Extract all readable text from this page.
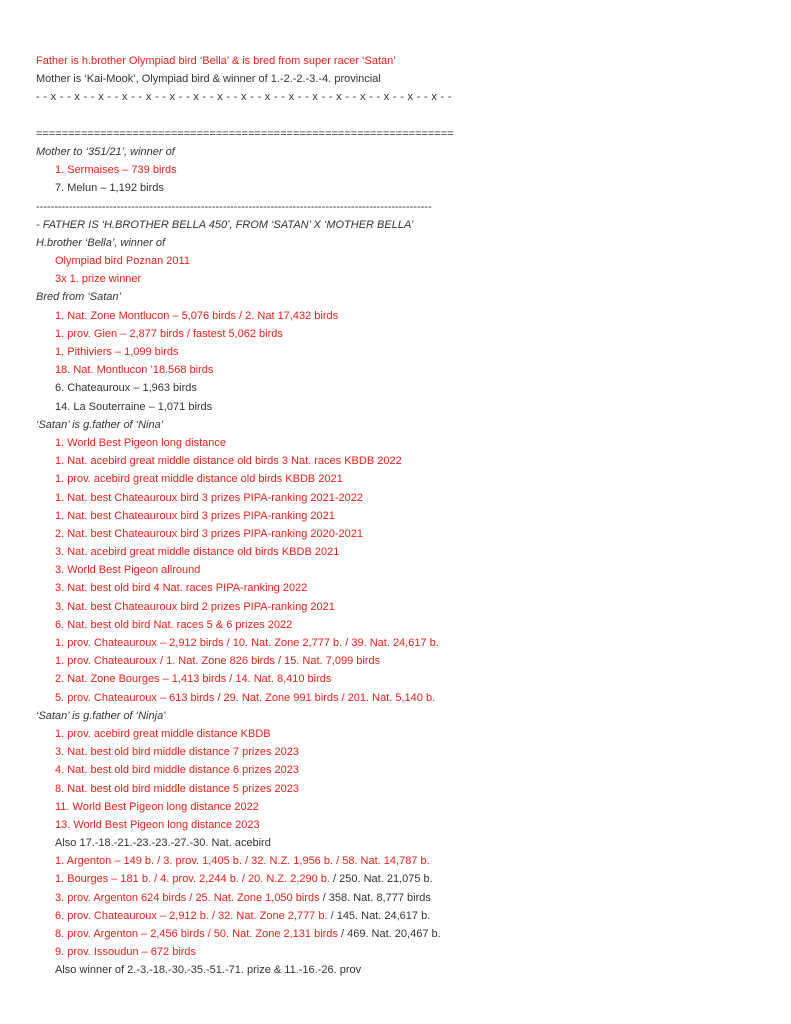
Father is h.brother Olympiad bird ‘Bella’ & is bred from super racer ‘Satan’
Mother is ‘Kai-Mook’, Olympiad bird & winner of 1.-2.-2.-3.-4. provincial
- - x - - x - - x - - x - - x - - x - - x - - x - - x - - x - - x - - x - - x - - x - - x - - x - - x - -
=================================================================
Mother to ‘351/21’, winner of
1. Sermaises – 739 birds
7. Melun – 1,192 birds
------------------------------------------------------------------------------------------------------------
- FATHER IS ‘H.BROTHER BELLA 450’, FROM ‘SATAN’ X ‘MOTHER BELLA’
H.brother ‘Bella’, winner of
Olympiad bird Poznan 2011
3x 1. prize winner
Bred from ‘Satan’
1. Nat. Zone Montlucon – 5,076 birds / 2. Nat 17,432 birds
1. prov. Gien – 2,877 birds / fastest 5,062 birds
1. Pithiviers – 1,099 birds
18. Nat. Montlucon ’18.568 birds
6. Chateauroux – 1,963 birds
14. La Souterraine – 1,071 birds
‘Satan’ is g.father of ‘Nina’
1. World Best Pigeon long distance
1. Nat. acebird great middle distance old birds 3 Nat. races KBDB 2022
1. prov. acebird great middle distance old birds KBDB 2021
1. Nat. best Chateauroux bird 3 prizes PIPA-ranking 2021-2022
1. Nat. best Chateauroux bird 3 prizes PIPA-ranking 2021
2. Nat. best Chateauroux bird 3 prizes PIPA-ranking 2020-2021
3. Nat. acebird great middle distance old birds KBDB 2021
3. World Best Pigeon allround
3. Nat. best old bird 4 Nat. races PIPA-ranking 2022
3. Nat. best Chateauroux bird 2 prizes PIPA-ranking 2021
6. Nat. best old bird Nat. races 5 & 6 prizes 2022
1. prov. Chateauroux – 2,912 birds / 10. Nat. Zone 2,777 b. / 39. Nat. 24,617 b.
1. prov. Chateauroux / 1. Nat. Zone 826 birds / 15. Nat. 7,099 birds
2. Nat. Zone Bourges – 1,413 birds / 14. Nat. 8,410 birds
5. prov. Chateauroux – 613 birds / 29. Nat. Zone 991 birds / 201. Nat. 5,140 b.
‘Satan’ is g.father of ‘Ninja’
1. prov. acebird great middle distance KBDB
3. Nat. best old bird middle distance 7 prizes 2023
4. Nat. best old bird middle distance 6 prizes 2023
8. Nat. best old bird middle distance 5 prizes 2023
11. World Best Pigeon long distance 2022
13. World Best Pigeon long distance 2023
Also 17.-18.-21.-23.-23.-27.-30. Nat. acebird
1. Argenton – 149 b. / 3. prov. 1,405 b. / 32. N.Z. 1,956 b. / 58. Nat. 14,787 b.
1. Bourges – 181 b. / 4. prov. 2,244 b. / 20. N.Z. 2,290 b. / 250. Nat. 21,075 b.
3. prov. Argenton 624 birds / 25. Nat. Zone 1,050 birds / 358. Nat. 8,777 birds
6. prov. Chateauroux – 2,912 b. / 32. Nat. Zone 2,777 b. / 145. Nat. 24,617 b.
8. prov. Argenton – 2,456 birds / 50. Nat. Zone 2,131 birds / 469. Nat. 20,467 b.
9. prov. Issoudun – 672 birds
Also winner of 2.-3.-18.-30.-35.-51.-71. prize & 11.-16.-26. prov
